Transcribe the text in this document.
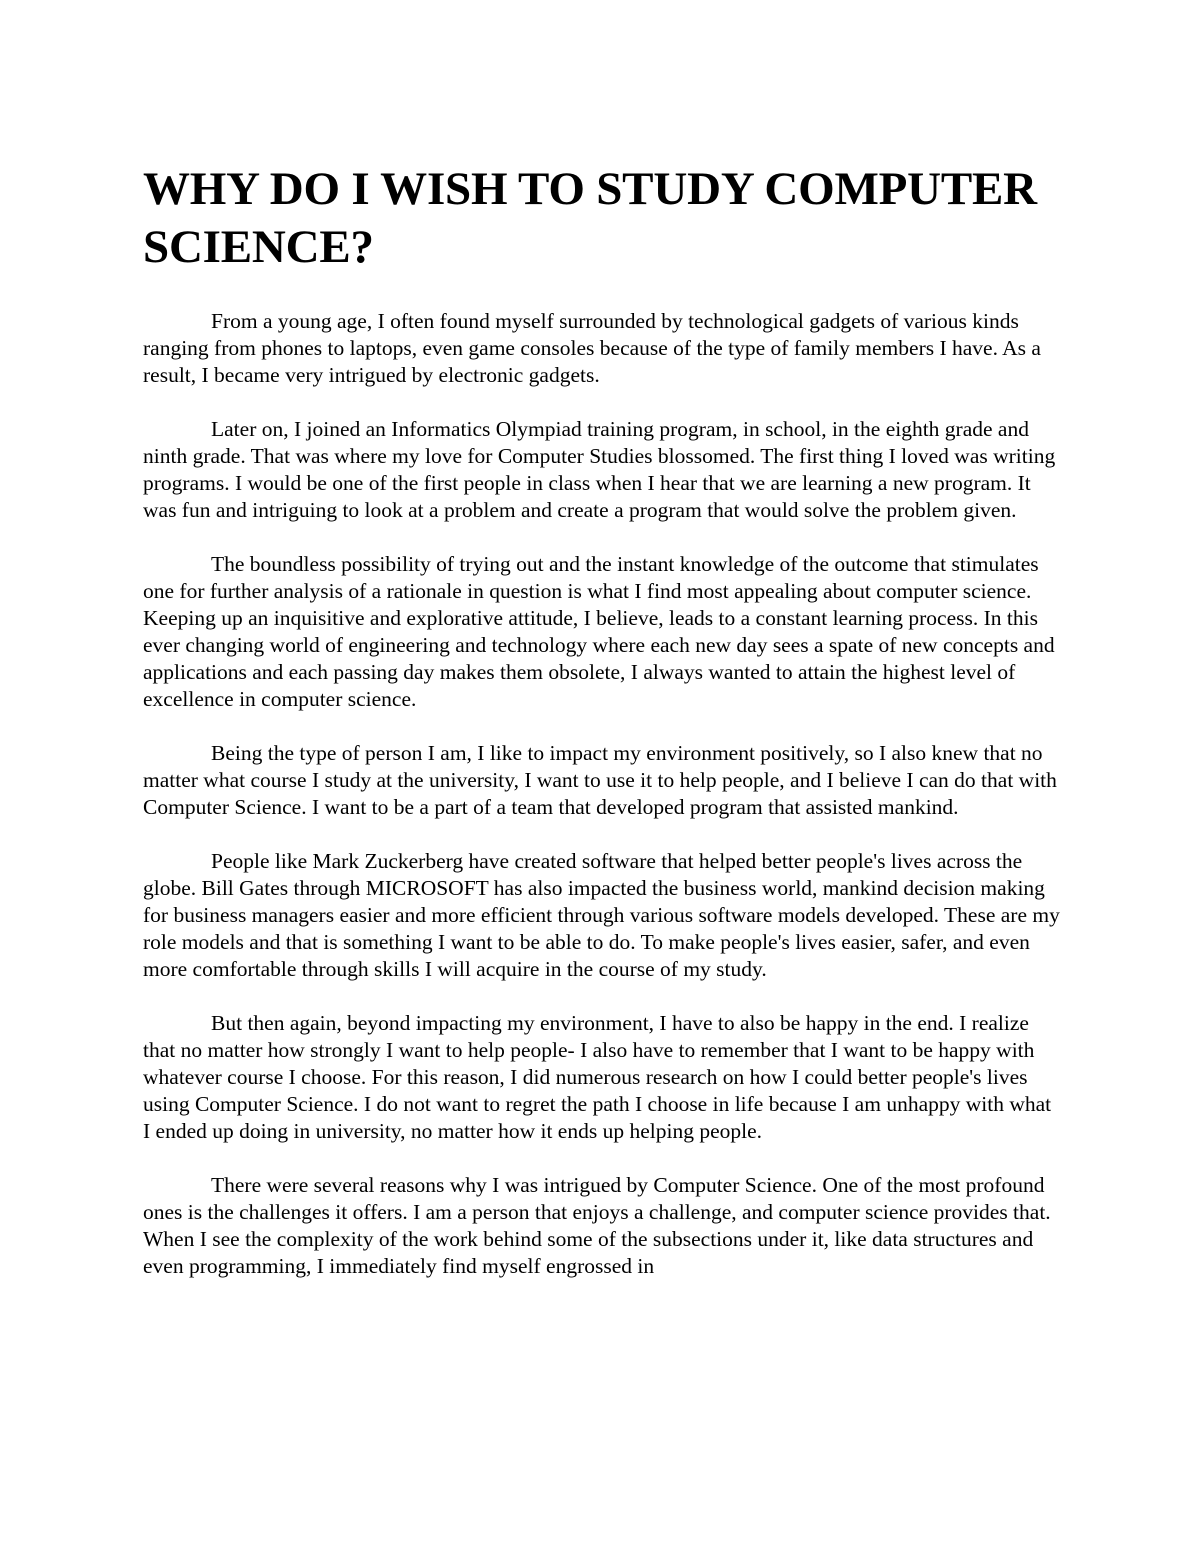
WHY DO I WISH TO STUDY COMPUTER SCIENCE?

From a young age, I often found myself surrounded by technological gadgets of various kinds ranging from phones to laptops, even game consoles because of the type of family members I have. As a result, I became very intrigued by electronic gadgets.

Later on, I joined an Informatics Olympiad training program, in school, in the eighth grade and ninth grade. That was where my love for Computer Studies blossomed. The first thing I loved was writing programs. I would be one of the first people in class when I hear that we are learning a new program. It was fun and intriguing to look at a problem and create a program that would solve the problem given.

The boundless possibility of trying out and the instant knowledge of the outcome that stimulates one for further analysis of a rationale in question is what I find most appealing about computer science. Keeping up an inquisitive and explorative attitude, I believe, leads to a constant learning process. In this ever changing world of engineering and technology where each new day sees a spate of new concepts and applications and each passing day makes them obsolete, I always wanted to attain the highest level of excellence in computer science.

Being the type of person I am, I like to impact my environment positively, so I also knew that no matter what course I study at the university, I want to use it to help people, and I believe I can do that with Computer Science. I want to be a part of a team that developed program that assisted mankind.

People like Mark Zuckerberg have created software that helped better people's lives across the globe. Bill Gates through MICROSOFT has also impacted the business world, mankind decision making for business managers easier and more efficient through various software models developed. These are my role models and that is something I want to be able to do. To make people's lives easier, safer, and even more comfortable through skills I will acquire in the course of my study.

But then again, beyond impacting my environment, I have to also be happy in the end. I realize that no matter how strongly I want to help people- I also have to remember that I want to be happy with whatever course I choose. For this reason, I did numerous research on how I could better people's lives using Computer Science. I do not want to regret the path I choose in life because I am unhappy with what I ended up doing in university, no matter how it ends up helping people.

There were several reasons why I was intrigued by Computer Science. One of the most profound ones is the challenges it offers. I am a person that enjoys a challenge, and computer science provides that. When I see the complexity of the work behind some of the subsections under it, like data structures and even programming, I immediately find myself engrossed in
